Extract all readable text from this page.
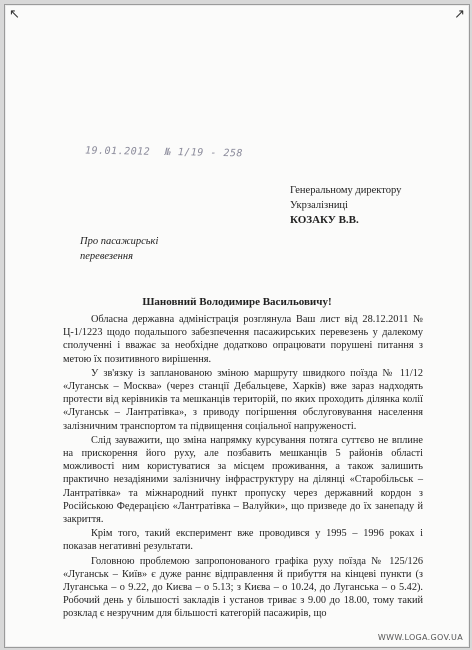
↖	↗
19.01.2012 № 1/19 - 258
Генеральному директору
Укрзалізниці
КОЗАКУ В.В.
Про пасажирські
перевезення
Шановний Володимире Васильовичу!

Обласна державна адміністрація розглянула Ваш лист від 28.12.2011 № Ц-1/1223 щодо подальшого забезпечення пасажирських перевезень у далекому сполученні і вважає за необхідне додатково опрацювати порушені питання з метою їх позитивного вирішення.

У зв'язку із запланованою зміною маршруту швидкого поїзда № 11/12 «Луганськ – Москва» (через станції Дебальцеве, Харків) вже зараз надходять протести від керівників та мешканців територій, по яких проходить ділянка колії «Луганськ – Лантратівка», з приводу погіршення обслуговування населення залізничним транспортом та підвищення соціальної напруженості.

Слід зауважити, що зміна напрямку курсування потяга суттєво не вплине на прискорення його руху, але позбавить мешканців 5 районів області можливості ним користуватися за місцем проживання, а також залишить практично незадіяними залізничну інфраструктуру на ділянці «Старобільськ – Лантратівка» та міжнародний пункт пропуску через державний кордон з Російською Федерацією «Лантратівка – Валуйки», що призведе до їх занепаду й закриття.

Крім того, такий експеримент вже проводився у 1995 – 1996 роках і показав негативні результати.

Головною проблемою запропонованого графіка руху поїзда № 125/126 «Луганськ – Київ» є дуже раннє відправлення й прибуття на кінцеві пункти (з Луганська – о 9.22, до Києва – о 5.13; з Києва – о 10.24, до Луганська – о 5.42). Робочий день у більшості закладів і установ триває з 9.00 до 18.00, тому такий розклад є незручним для більшості категорій пасажирів, що

WWW.LOGA.GOV.UA
